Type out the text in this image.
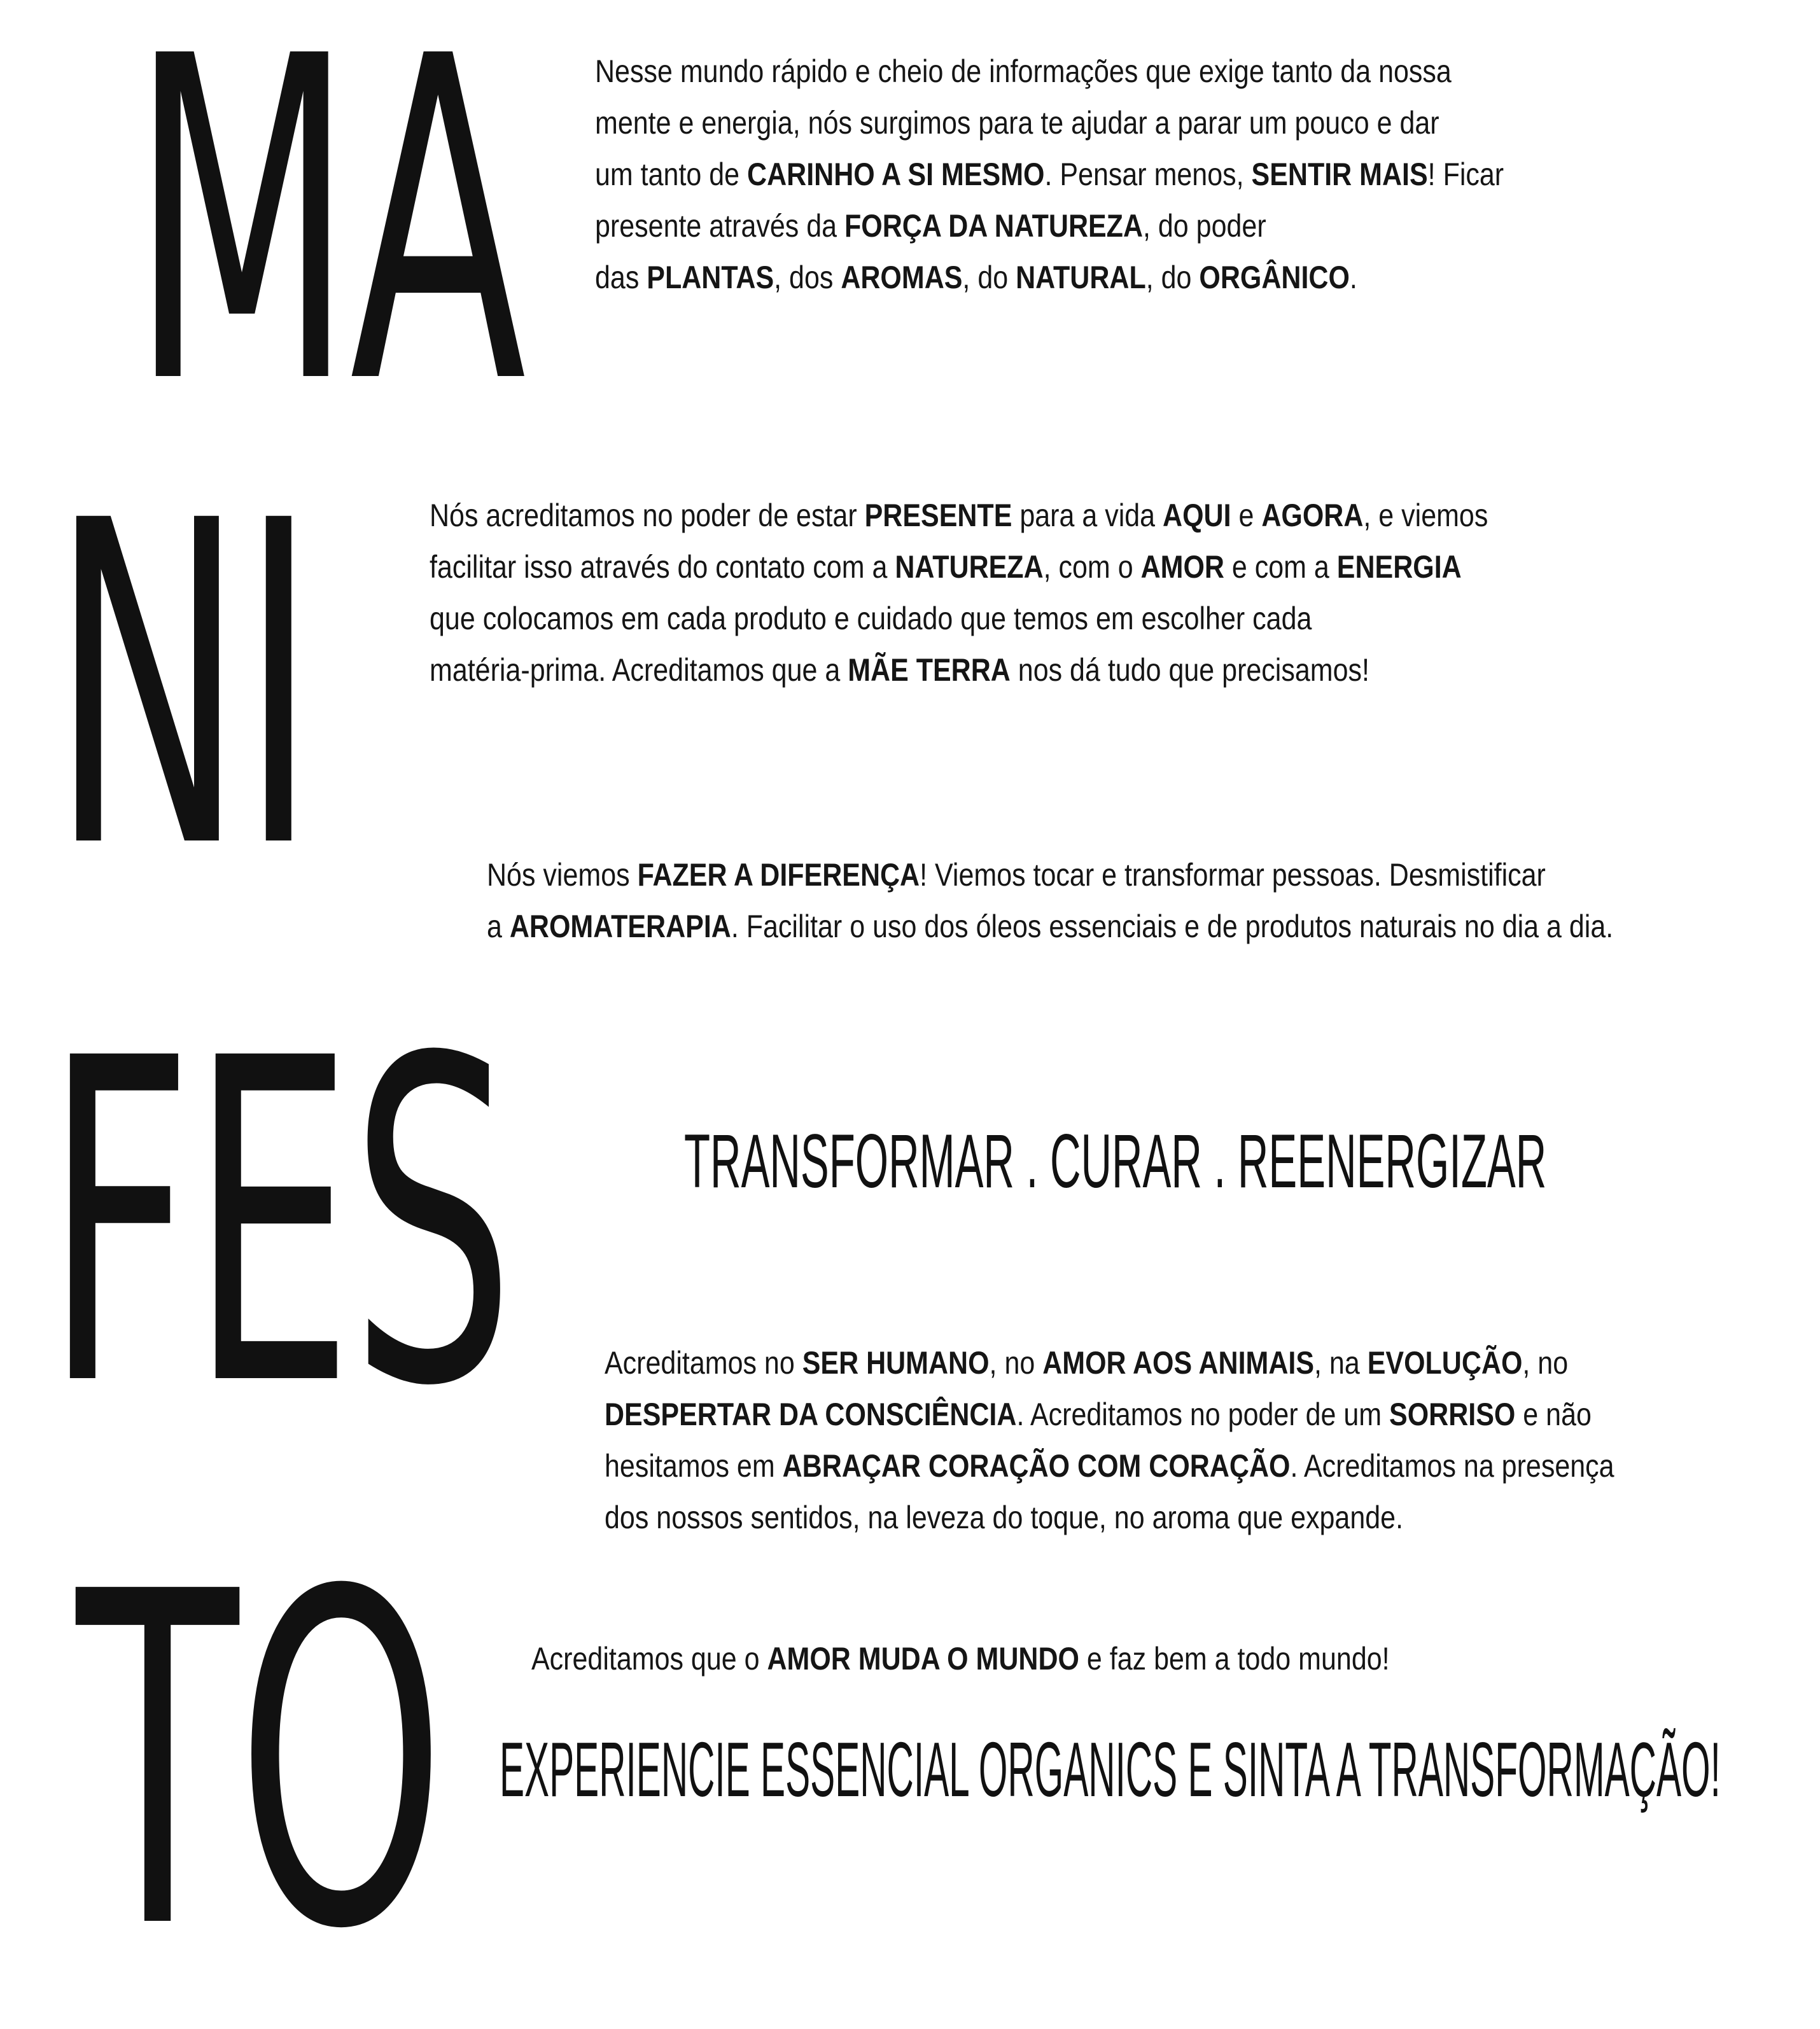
MA
NI
FES
TO
Nesse mundo rápido e cheio de informações que exige tanto da nossa
mente e energia, nós surgimos para te ajudar a parar um pouco e dar
um tanto de CARINHO A SI MESMO. Pensar menos, SENTIR MAIS! Ficar
presente através da FORÇA DA NATUREZA, do poder
das PLANTAS, dos AROMAS, do NATURAL, do ORGÂNICO.
Nós acreditamos no poder de estar PRESENTE para a vida AQUI e AGORA, e viemos
facilitar isso através do contato com a NATUREZA, com o AMOR e com a ENERGIA
que colocamos em cada produto e cuidado que temos em escolher cada
matéria-prima. Acreditamos que a MÃE TERRA nos dá tudo que precisamos!
Nós viemos FAZER A DIFERENÇA! Viemos tocar e transformar pessoas. Desmistificar
a AROMATERAPIA. Facilitar o uso dos óleos essenciais e de produtos naturais no dia a dia.
TRANSFORMAR . CURAR . REENERGIZAR
Acreditamos no SER HUMANO, no AMOR AOS ANIMAIS, na EVOLUÇÃO, no
DESPERTAR DA CONSCIÊNCIA. Acreditamos no poder de um SORRISO e não
hesitamos em ABRAÇAR CORAÇÃO COM CORAÇÃO. Acreditamos na presença
dos nossos sentidos, na leveza do toque, no aroma que expande.
Acreditamos que o AMOR MUDA O MUNDO e faz bem a todo mundo!
EXPERIENCIE ESSENCIAL ORGANICS E SINTA A TRANSFORMAÇÃO!
